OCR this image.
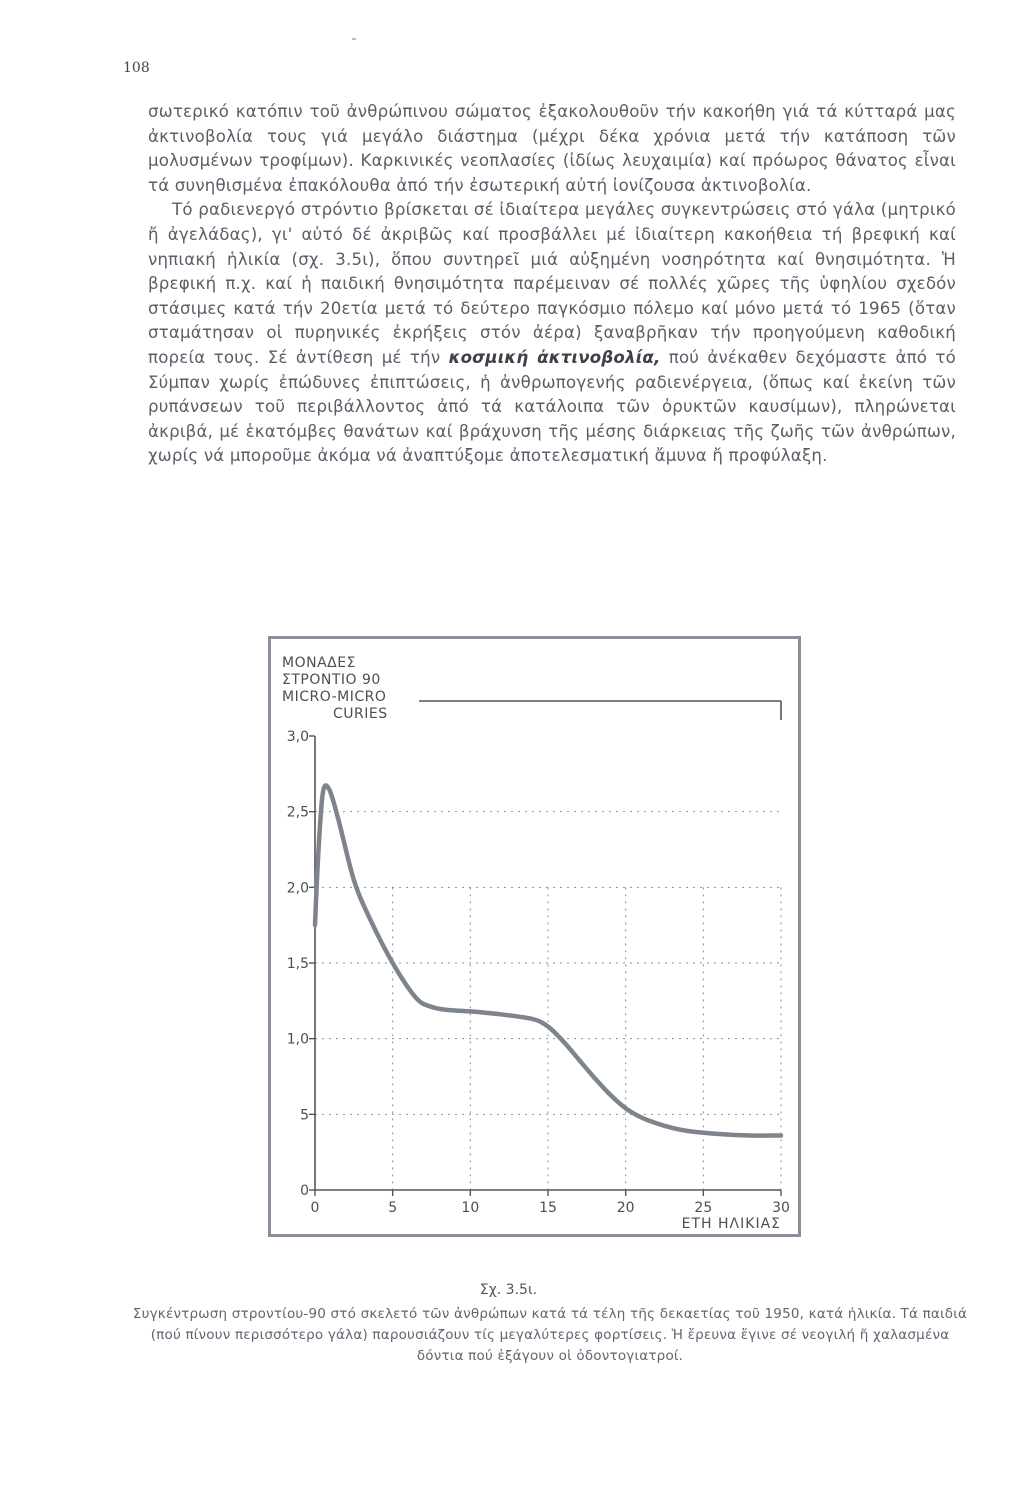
108

σωτερικό κατόπιν τοῦ ἀνθρώπινου σώματος ἐξακολουθοῦν τήν κακοήθη γιά τά κύτταρά μας ἀκτινοβολία τους γιά μεγάλο διάστημα (μέχρι δέκα χρόνια μετά τήν κατάποση τῶν μολυσμένων τροφίμων). Καρκινικές νεοπλασίες (ἰδίως λευχαιμία) καί πρόωρος θάνατος εἶναι τά συνηθισμένα ἐπακόλουθα ἀπό τήν ἐσωτερική αὐτή ἰονίζουσα ἀκτινοβολία.

Τό ραδιενεργό στρόντιο βρίσκεται σέ ἰδιαίτερα μεγάλες συγκεντρώσεις στό γάλα (μητρικό ἤ ἀγελάδας), γι' αὐτό δέ ἀκριβῶς καί προσβάλλει μέ ἰδιαίτερη κακοήθεια τή βρεφική καί νηπιακή ἡλικία (σχ. 3.5ι), ὅπου συντηρεῖ μιά αὐξημένη νοσηρότητα καί θνησιμότητα. Ἡ βρεφική π.χ. καί ἡ παιδική θνησιμότητα παρέμειναν σέ πολλές χῶρες τῆς ὑφηλίου σχεδόν στάσιμες κατά τήν 20ετία μετά τό δεύτερο παγκόσμιο πόλεμο καί μόνο μετά τό 1965 (ὅταν σταμάτησαν οἱ πυρηνικές ἐκρήξεις στόν ἀέρα) ξαναβρῆκαν τήν προηγούμενη καθοδική πορεία τους. Σέ ἀντίθεση μέ τήν κοσμική ἀκτινοβολία, πού ἀνέκαθεν δεχόμαστε ἀπό τό Σύμπαν χωρίς ἐπώδυνες ἐπιπτώσεις, ἡ ἀνθρωπογενής ραδιενέργεια, (ὅπως καί ἐκείνη τῶν ρυπάνσεων τοῦ περιβάλλοντος ἀπό τά κατάλοιπα τῶν ὀρυκτῶν καυσίμων), πληρώνεται ἀκριβά, μέ ἑκατόμβες θανάτων καί βράχυνση τῆς μέσης διάρκειας τῆς ζωῆς τῶν ἀνθρώπων, χωρίς νά μποροῦμε ἀκόμα νά ἀναπτύξομε ἀποτελεσματική ἄμυνα ἤ προφύλαξη.

0
5
1,0
1,5
2,0
2,5
3,0
0	5	10	15	20	25	30
ΜΟΝΑΔΕΣ
ΣΤΡΟΝΤΙΟ 90
MICRO-MICRO
CURIES
ΕΤΗ ΗΛΙΚΙΑΣ
Σχ. 3.5ι.
Συγκέντρωση στροντίου-90 στό σκελετό τῶν ἀνθρώπων κατά τά τέλη τῆς δεκαετίας τοῦ 1950, κατά ἡλικία. Τά παιδιά (πού πίνουν περισσότερο γάλα) παρουσιάζουν τίς μεγαλύτερες φορτίσεις. Ἡ ἔρευνα ἔγινε σέ νεογιλή ἤ χαλασμένα δόντια πού ἐξάγουν οἱ ὀδοντογιατροί.
